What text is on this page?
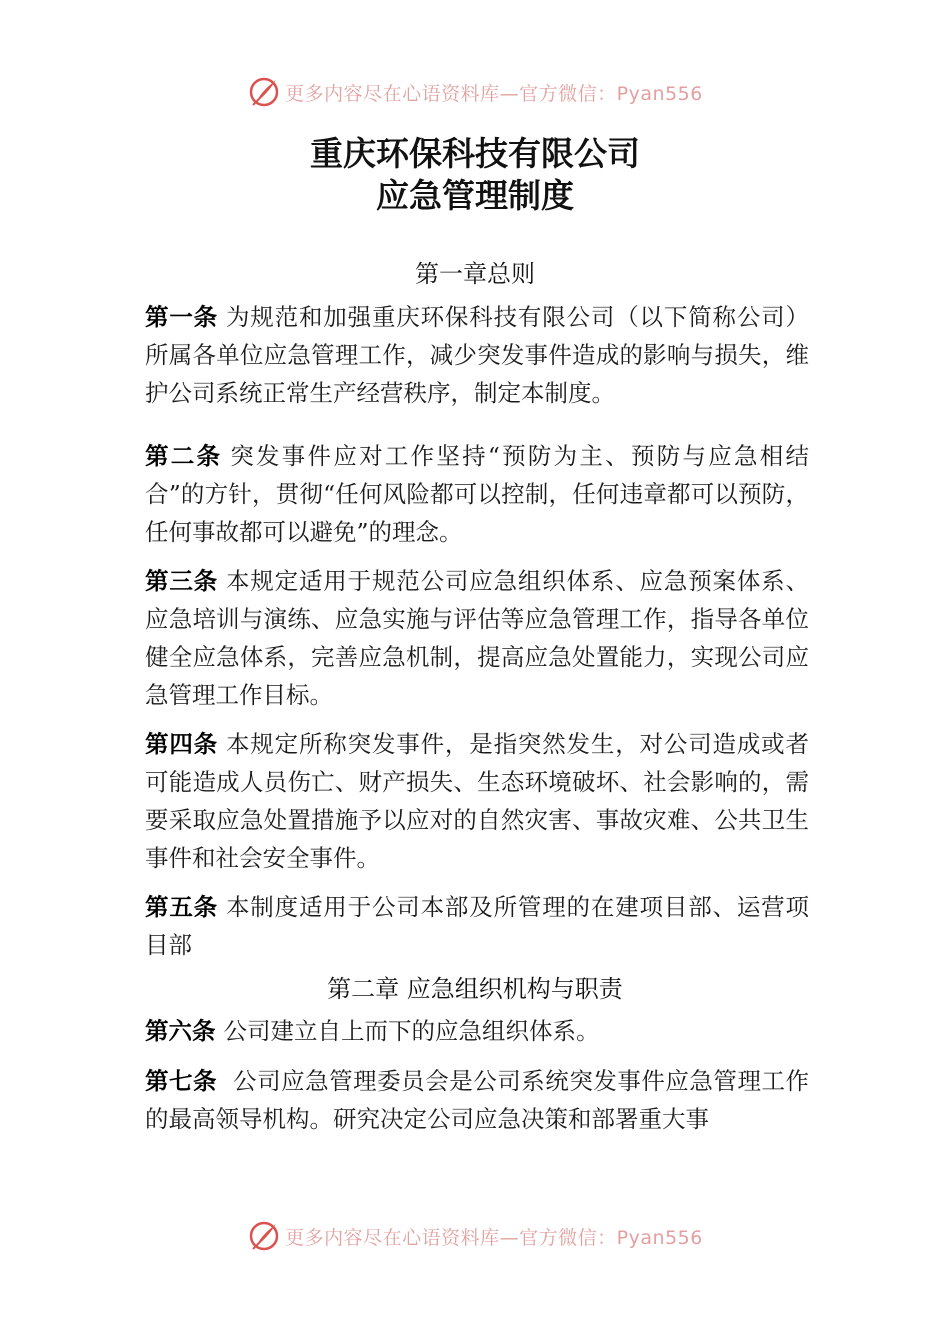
更多内容尽在心语资料库—官方微信：Pyan556
重庆环保科技有限公司
应急管理制度
第一章总则
第一条 为规范和加强重庆环保科技有限公司（以下简称公司）所属各单位应急管理工作，减少突发事件造成的影响与损失，维护公司系统正常生产经营秩序，制定本制度。
第二条 突发事件应对工作坚持“预防为主、预防与应急相结合”的方针，贯彻“任何风险都可以控制，任何违章都可以预防，任何事故都可以避免”的理念。
第三条 本规定适用于规范公司应急组织体系、应急预案体系、应急培训与演练、应急实施与评估等应急管理工作，指导各单位健全应急体系，完善应急机制，提高应急处置能力，实现公司应急管理工作目标。
第四条 本规定所称突发事件，是指突然发生，对公司造成或者可能造成人员伤亡、财产损失、生态环境破坏、社会影响的，需要采取应急处置措施予以应对的自然灾害、事故灾难、公共卫生事件和社会安全事件。
第五条 本制度适用于公司本部及所管理的在建项目部、运营项目部
第二章 应急组织机构与职责
第六条 公司建立自上而下的应急组织体系。
第七条 公司应急管理委员会是公司系统突发事件应急管理工作的最高领导机构。研究决定公司应急决策和部署重大事
更多内容尽在心语资料库—官方微信：Pyan556
